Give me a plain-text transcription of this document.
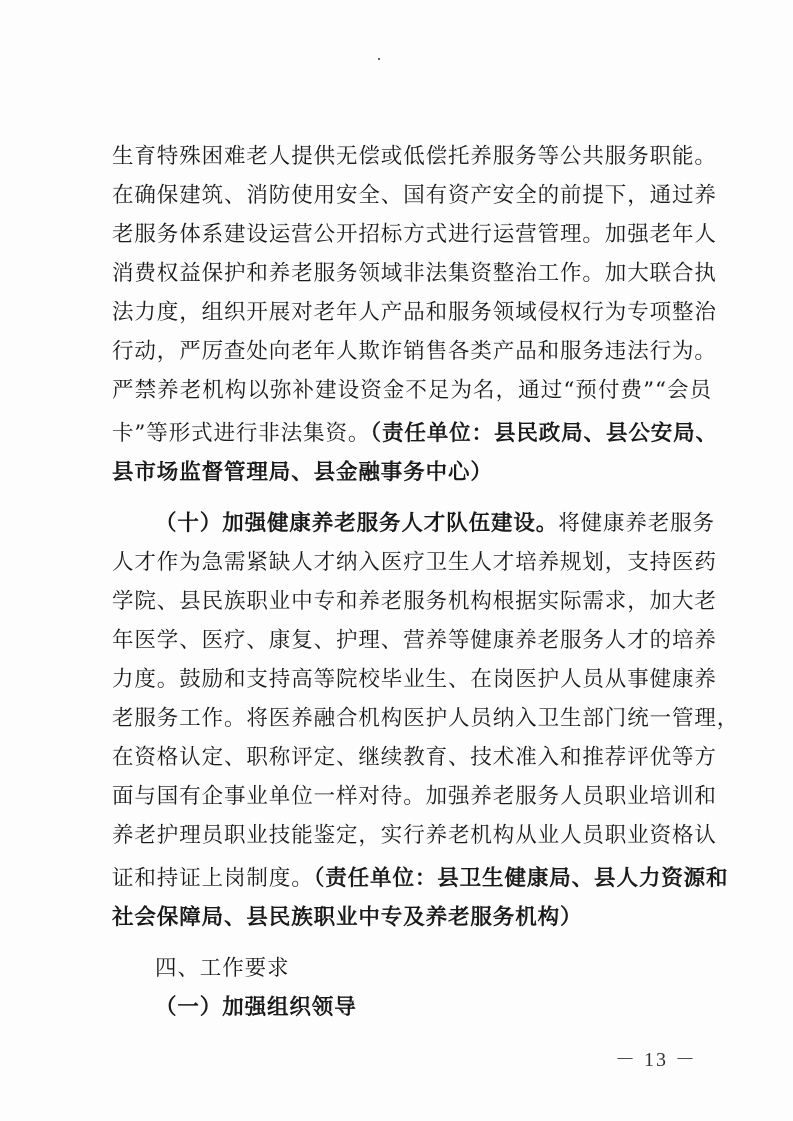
生育特殊困难老人提供无偿或低偿托养服务等公共服务职能。
在确保建筑、消防使用安全、国有资产安全的前提下，通过养
老服务体系建设运营公开招标方式进行运营管理。加强老年人
消费权益保护和养老服务领域非法集资整治工作。加大联合执
法力度，组织开展对老年人产品和服务领域侵权行为专项整治
行动，严厉查处向老年人欺诈销售各类产品和服务违法行为。
严禁养老机构以弥补建设资金不足为名，通过“预付费”“会员
卡”等形式进行非法集资。（责任单位：县民政局、县公安局、
县市场监督管理局、县金融事务中心）
（十）加强健康养老服务人才队伍建设。将健康养老服务
人才作为急需紧缺人才纳入医疗卫生人才培养规划，支持医药
学院、县民族职业中专和养老服务机构根据实际需求，加大老
年医学、医疗、康复、护理、营养等健康养老服务人才的培养
力度。鼓励和支持高等院校毕业生、在岗医护人员从事健康养
老服务工作。将医养融合机构医护人员纳入卫生部门统一管理，
在资格认定、职称评定、继续教育、技术准入和推荐评优等方
面与国有企事业单位一样对待。加强养老服务人员职业培训和
养老护理员职业技能鉴定，实行养老机构从业人员职业资格认
证和持证上岗制度。（责任单位：县卫生健康局、县人力资源和
社会保障局、县民族职业中专及养老服务机构）
四、工作要求
（一）加强组织领导
－ 13 －
